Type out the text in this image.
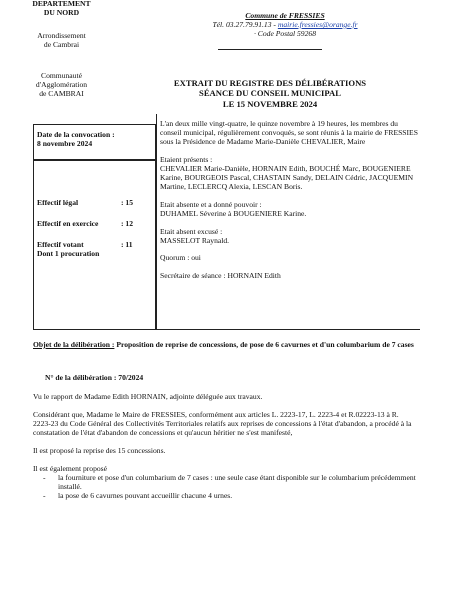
DEPARTEMENT
DU NORD
Arrondissement
de Cambrai
Communauté
d'Agglomération
de CAMBRAI
Commune de FRESSIES
Tél. 03.27.79.91.13 - mairie.fressies@orange.fr
· Code Postal 59268
EXTRAIT DU REGISTRE DES DÉLIBÉRATIONS
SÉANCE DU CONSEIL MUNICIPAL
LE 15 NOVEMBRE 2024
Date de la convocation :
8 novembre 2024
Effectif légal	: 15
Effectif en exercice	: 12
Effectif votant	: 11
Dont 1 procuration

L'an deux mille vingt-quatre, le quinze novembre à 19 heures, les membres du conseil municipal, régulièrement convoqués, se sont réunis à la mairie de FRESSIES sous la Présidence de Madame Marie-Danièle CHEVALIER, Maire

Etaient présents :

CHEVALIER Marie-Danièle, HORNAIN Edith, BOUCHÉ Marc, BOUGENIERE Karine, BOURGEOIS Pascal, CHASTAIN Sandy, DELAIN Cédric, JACQUEMIN Martine, LECLERCQ Alexia, LESCAN Boris.

Etait absente et a donné pouvoir :

DUHAMEL Séverine à BOUGENIERE Karine.

Etait absent excusé :

MASSELOT Raynald.

Quorum : oui

Secrétaire de séance : HORNAIN Edith

Objet de la délibération : Proposition de reprise de concessions, de pose de 6 cavurnes et d'un columbarium de 7 cases
N° de la délibération : 70/2024

Vu le rapport de Madame Edith HORNAIN, adjointe déléguée aux travaux.

Considérant que, Madame le Maire de FRESSIES, conformément aux articles L. 2223-17, L. 2223-4 et R.02223-13 à R. 2223-23 du Code Général des Collectivités Territoriales relatifs aux reprises de concessions à l'état d'abandon, a procédé à la constatation de l'état d'abandon de concessions et qu'aucun héritier ne s'est manifesté,

Il est proposé la reprise des 15 concessions.

Il est également proposé

-	la fourniture et pose d'un columbarium de 7 cases : une seule case étant disponible sur le columbarium précédemment installé.
-	la pose de 6 cavurnes pouvant accueillir chacune 4 urnes.
